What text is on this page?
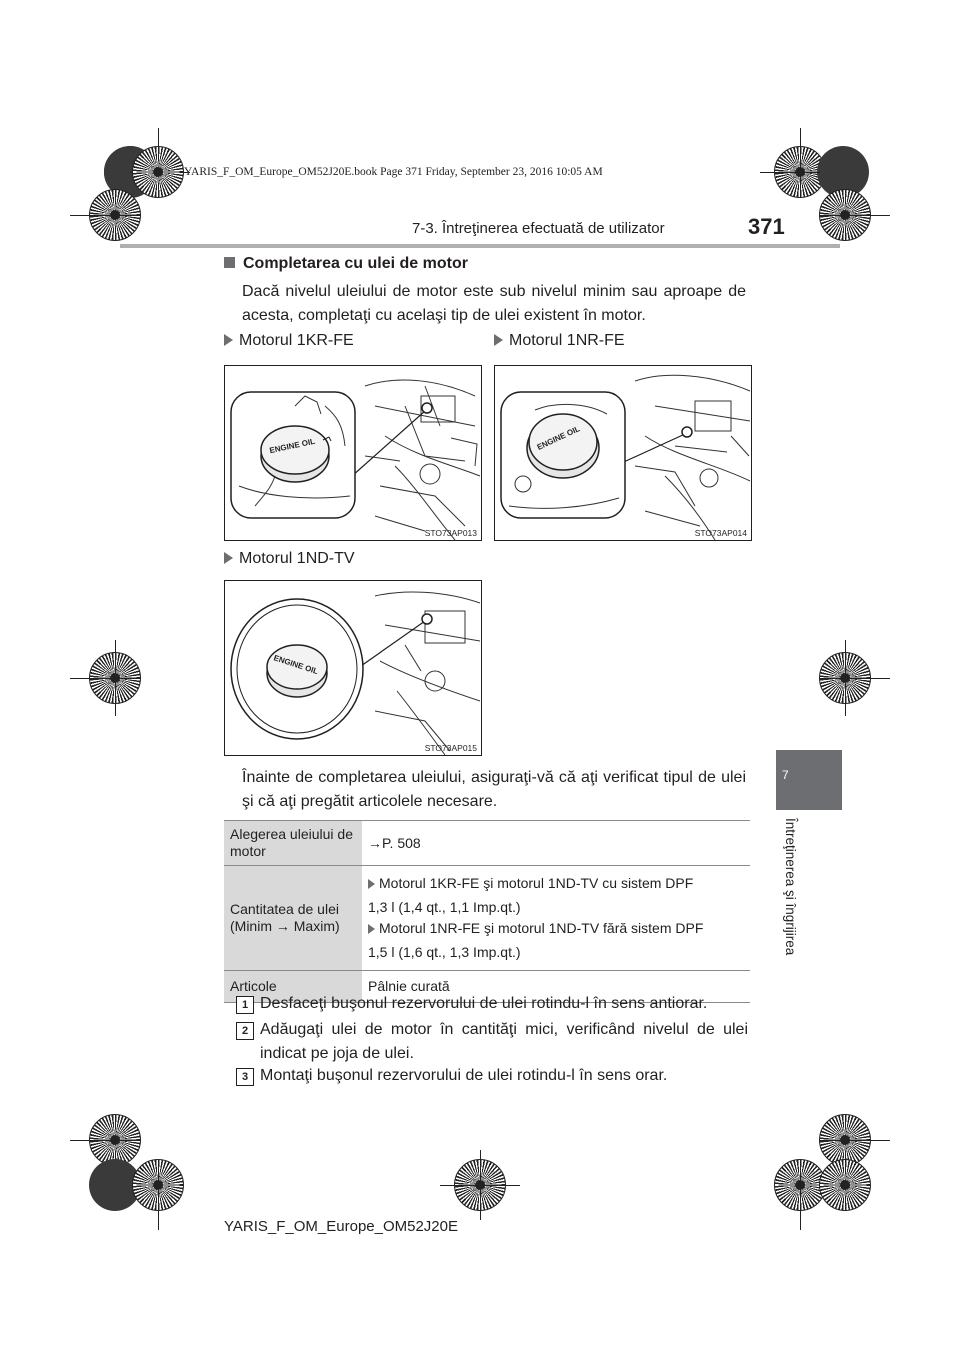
YARIS_F_OM_Europe_OM52J20E.book Page 371 Friday, September 23, 2016 10:05 AM
7-3. Întreţinerea efectuată de utilizator	371
7
Întreţinerea şi îngrijirea
Completarea cu ulei de motor
Dacă nivelul uleiului de motor este sub nivelul minim sau aproape de acesta, completaţi cu acelaşi tip de ulei existent în motor.
Motorul 1KR-FE	Motorul 1NR-FE
Motorul 1ND-TV
ENGINE OIL
STO73AP013
ENGINE OIL
STO73AP014
ENGINE OIL
STO73AP015
Înainte de completarea uleiului, asiguraţi-vă că aţi verificat tipul de ulei şi că aţi pregătit articolele necesare.
Alegerea uleiului de motor	→P. 508
Cantitatea de ulei (Minim → Maxim)	Motorul 1KR-FE şi motorul 1ND-TV cu sistem DPF
1,3 l (1,4 qt., 1,1 Imp.qt.)
Motorul 1NR-FE şi motorul 1ND-TV fără sistem DPF
1,5 l (1,6 qt., 1,3 Imp.qt.)

Articole	Pâlnie curată
1 Desfaceţi buşonul rezervorului de ulei rotindu-l în sens antiorar.
2 Adăugaţi ulei de motor în cantităţi mici, verificând nivelul de ulei indicat pe joja de ulei.
3 Montaţi buşonul rezervorului de ulei rotindu-l în sens orar.
YARIS_F_OM_Europe_OM52J20E
